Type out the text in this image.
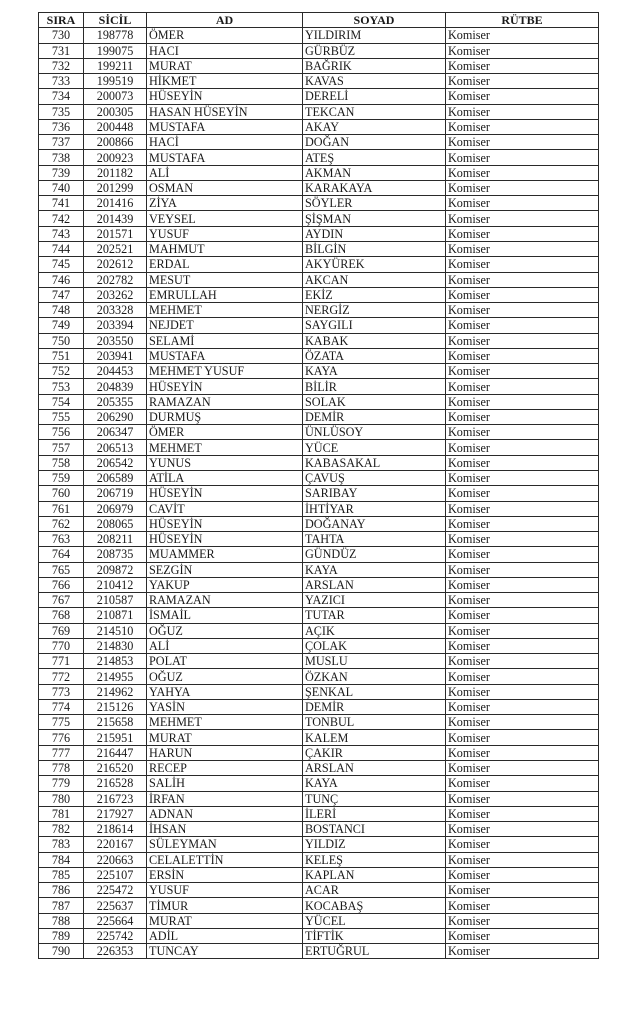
SIRA	SİCİL	AD	SOYAD	RÜTBE
730	198778	ÖMER	YILDIRIM	Komiser
731	199075	HACI	GÜRBÜZ	Komiser
732	199211	MURAT	BAĞRIK	Komiser
733	199519	HİKMET	KAVAS	Komiser
734	200073	HÜSEYİN	DERELİ	Komiser
735	200305	HASAN HÜSEYİN	TEKCAN	Komiser
736	200448	MUSTAFA	AKAY	Komiser
737	200866	HACİ	DOĞAN	Komiser
738	200923	MUSTAFA	ATEŞ	Komiser
739	201182	ALİ	AKMAN	Komiser
740	201299	OSMAN	KARAKAYA	Komiser
741	201416	ZİYA	SÖYLER	Komiser
742	201439	VEYSEL	ŞİŞMAN	Komiser
743	201571	YUSUF	AYDIN	Komiser
744	202521	MAHMUT	BİLGİN	Komiser
745	202612	ERDAL	AKYÜREK	Komiser
746	202782	MESUT	AKCAN	Komiser
747	203262	EMRULLAH	EKİZ	Komiser
748	203328	MEHMET	NERGİZ	Komiser
749	203394	NEJDET	SAYGILI	Komiser
750	203550	SELAMİ	KABAK	Komiser
751	203941	MUSTAFA	ÖZATA	Komiser
752	204453	MEHMET YUSUF	KAYA	Komiser
753	204839	HÜSEYİN	BİLİR	Komiser
754	205355	RAMAZAN	SOLAK	Komiser
755	206290	DURMUŞ	DEMİR	Komiser
756	206347	ÖMER	ÜNLÜSOY	Komiser
757	206513	MEHMET	YÜCE	Komiser
758	206542	YUNUS	KABASAKAL	Komiser
759	206589	ATİLA	ÇAVUŞ	Komiser
760	206719	HÜSEYİN	SARIBAY	Komiser
761	206979	CAVİT	İHTİYAR	Komiser
762	208065	HÜSEYİN	DOĞANAY	Komiser
763	208211	HÜSEYİN	TAHTA	Komiser
764	208735	MUAMMER	GÜNDÜZ	Komiser
765	209872	SEZGİN	KAYA	Komiser
766	210412	YAKUP	ARSLAN	Komiser
767	210587	RAMAZAN	YAZICI	Komiser
768	210871	İSMAİL	TUTAR	Komiser
769	214510	OĞUZ	AÇIK	Komiser
770	214830	ALİ	ÇOLAK	Komiser
771	214853	POLAT	MUSLU	Komiser
772	214955	OĞUZ	ÖZKAN	Komiser
773	214962	YAHYA	ŞENKAL	Komiser
774	215126	YASİN	DEMİR	Komiser
775	215658	MEHMET	TONBUL	Komiser
776	215951	MURAT	KALEM	Komiser
777	216447	HARUN	ÇAKIR	Komiser
778	216520	RECEP	ARSLAN	Komiser
779	216528	SALİH	KAYA	Komiser
780	216723	İRFAN	TUNÇ	Komiser
781	217927	ADNAN	İLERİ	Komiser
782	218614	İHSAN	BOSTANCI	Komiser
783	220167	SÜLEYMAN	YILDIZ	Komiser
784	220663	CELALETTİN	KELEŞ	Komiser
785	225107	ERSİN	KAPLAN	Komiser
786	225472	YUSUF	ACAR	Komiser
787	225637	TİMUR	KOCABAŞ	Komiser
788	225664	MURAT	YÜCEL	Komiser
789	225742	ADİL	TİFTİK	Komiser
790	226353	TUNCAY	ERTUĞRUL	Komiser
